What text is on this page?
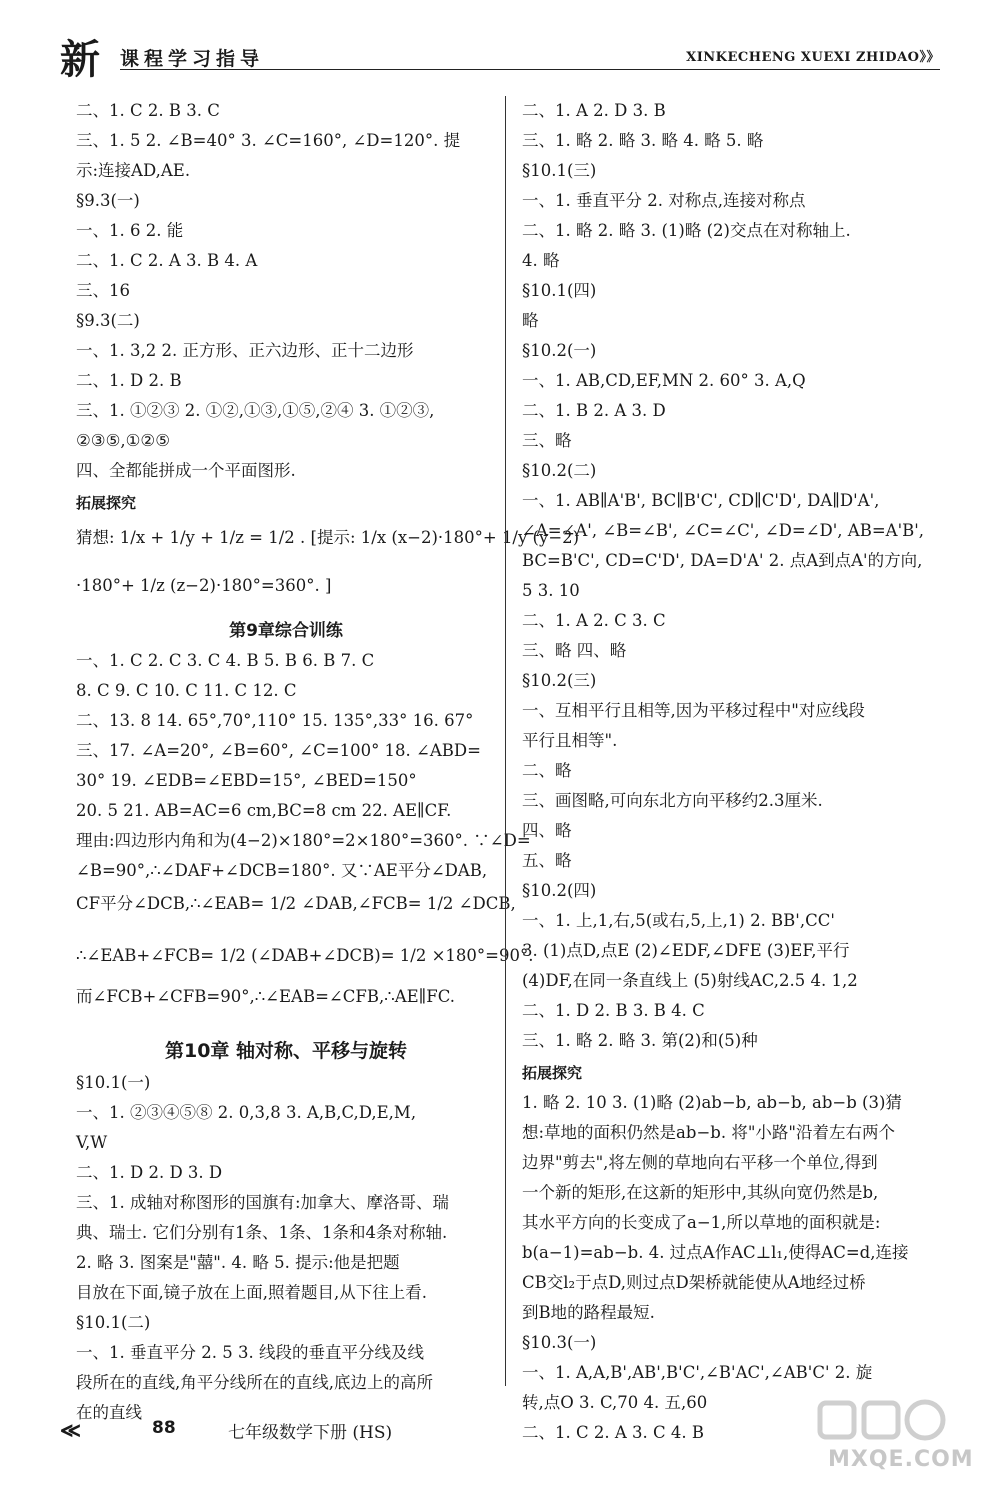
新 课程学习指导	XINKECHENG XUEXI ZHIDAO》》
二、1. C 2. B 3. C
三、1. 5 2. ∠B=40° 3. ∠C=160°, ∠D=120°. 提
示:连接AD,AE.
§9.3(一)
一、1. 6 2. 能
二、1. C 2. A 3. B 4. A
三、16
§9.3(二)
一、1. 3,2 2. 正方形、正六边形、正十二边形
二、1. D 2. B
三、1. ①②③ 2. ①②,①③,①⑤,②④ 3. ①②③,
②③⑤,①②⑤
四、全都能拼成一个平面图形.
拓展探究
猜想: 1/x + 1/y + 1/z = 1/2 . [提示: 1/x (x−2)·180°+ 1/y (y−2)
·180°+ 1/z (z−2)·180°=360°. ]
第9章综合训练
一、1. C 2. C 3. C 4. B 5. B 6. B 7. C
8. C 9. C 10. C 11. C 12. C
二、13. 8 14. 65°,70°,110° 15. 135°,33° 16. 67°
三、17. ∠A=20°, ∠B=60°, ∠C=100° 18. ∠ABD=
30° 19. ∠EDB=∠EBD=15°, ∠BED=150°
20. 5 21. AB=AC=6 cm,BC=8 cm 22. AE∥CF.
理由:四边形内角和为(4−2)×180°=2×180°=360°. ∵∠D=
∠B=90°,∴∠DAF+∠DCB=180°. 又∵AE平分∠DAB,
CF平分∠DCB,∴∠EAB= 1/2 ∠DAB,∠FCB= 1/2 ∠DCB,
∴∠EAB+∠FCB= 1/2 (∠DAB+∠DCB)= 1/2 ×180°=90°.
而∠FCB+∠CFB=90°,∴∠EAB=∠CFB,∴AE∥FC.
第10章 轴对称、平移与旋转
§10.1(一)
一、1. ②③④⑤⑧ 2. 0,3,8 3. A,B,C,D,E,M,
V,W
二、1. D 2. D 3. D
三、1. 成轴对称图形的国旗有:加拿大、摩洛哥、瑞
典、瑞士. 它们分别有1条、1条、1条和4条对称轴.
2. 略 3. 图案是"囍". 4. 略 5. 提示:他是把题
目放在下面,镜子放在上面,照着题目,从下往上看.
§10.1(二)
一、1. 垂直平分 2. 5 3. 线段的垂直平分线及线
段所在的直线,角平分线所在的直线,底边上的高所
在的直线
二、1. A 2. D 3. B
三、1. 略 2. 略 3. 略 4. 略 5. 略
§10.1(三)
一、1. 垂直平分 2. 对称点,连接对称点
二、1. 略 2. 略 3. (1)略 (2)交点在对称轴上.
4. 略
§10.1(四)
略
§10.2(一)
一、1. AB,CD,EF,MN 2. 60° 3. A,Q
二、1. B 2. A 3. D
三、略
§10.2(二)
一、1. AB∥A'B', BC∥B'C', CD∥C'D', DA∥D'A',
∠A=∠A', ∠B=∠B', ∠C=∠C', ∠D=∠D', AB=A'B',
BC=B'C', CD=C'D', DA=D'A' 2. 点A到点A'的方向,
5 3. 10
二、1. A 2. C 3. C
三、略 四、略
§10.2(三)
一、互相平行且相等,因为平移过程中"对应线段
平行且相等".
二、略
三、画图略,可向东北方向平移约2.3厘米.
四、略
五、略
§10.2(四)
一、1. 上,1,右,5(或右,5,上,1) 2. BB',CC'
3. (1)点D,点E (2)∠EDF,∠DFE (3)EF,平行
(4)DF,在同一条直线上 (5)射线AC,2.5 4. 1,2
二、1. D 2. B 3. B 4. C
三、1. 略 2. 略 3. 第(2)和(5)种
拓展探究
1. 略 2. 10 3. (1)略 (2)ab−b, ab−b, ab−b (3)猜
想:草地的面积仍然是ab−b. 将"小路"沿着左右两个
边界"剪去",将左侧的草地向右平移一个单位,得到
一个新的矩形,在这新的矩形中,其纵向宽仍然是b,
其水平方向的长变成了a−1,所以草地的面积就是:
b(a−1)=ab−b. 4. 过点A作AC⊥l₁,使得AC=d,连接
CB交l₂于点D,则过点D架桥就能使从A地经过桥
到B地的路程最短.
§10.3(一)
一、1. A,A,B',AB',B'C',∠B'AC',∠AB'C' 2. 旋
转,点O 3. C,70 4. 五,60
二、1. C 2. A 3. C 4. B
≪	88	七年级数学下册 (HS)
MXQE.COM
